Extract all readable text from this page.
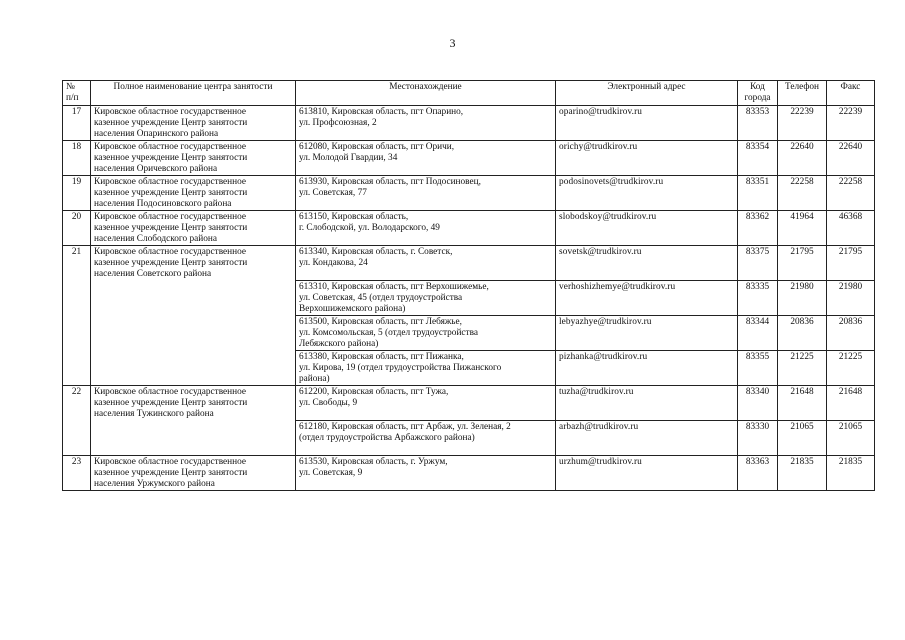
3
№
п/п	Полное наименование центра занятости	Местонахождение	Электронный адрес	Код
города	Телефон	Факс
17	Кировское областное государственное
казенное учреждение Центр занятости
населения Опаринского района	613810, Кировская область, пгт Опарино,
ул. Профсоюзная, 2	oparino@trudkirov.ru	83353	22239	22239
18	Кировское областное государственное
казенное учреждение Центр занятости
населения Оричевского района	612080, Кировская область, пгт Оричи,
ул. Молодой Гвардии, 34	orichy@trudkirov.ru	83354	22640	22640
19	Кировское областное государственное
казенное учреждение Центр занятости
населения Подосиновского района	613930, Кировская область, пгт Подосиновец,
ул. Советская, 77	podosinovets@trudkirov.ru	83351	22258	22258
20	Кировское областное государственное
казенное учреждение Центр занятости
населения Слободского района	613150, Кировская область,
г. Слободской, ул. Володарского, 49	slobodskoy@trudkirov.ru	83362	41964	46368
21	Кировское областное государственное
казенное учреждение Центр занятости
населения Советского района	613340, Кировская область, г. Советск,
ул. Кондакова, 24	sovetsk@trudkirov.ru	83375	21795	21795

		613310, Кировская область, пгт Верхошижемье,
ул. Советская, 45 (отдел трудоустройства
Верхошижемского района)	verhoshizhemye@trudkirov.ru	83335	21980	21980

		613500, Кировская область, пгт Лебяжье,
ул. Комсомольская, 5 (отдел трудоустройства
Лебяжского района)	lebyazhye@trudkirov.ru	83344	20836	20836

		613380, Кировская область, пгт Пижанка,
ул. Кирова, 19 (отдел трудоустройства Пижанского
района)	pizhanka@trudkirov.ru	83355	21225	21225
22	Кировское областное государственное
казенное учреждение Центр занятости
населения Тужинского района	612200, Кировская область, пгт Тужа,
ул. Свободы, 9	tuzha@trudkirov.ru	83340	21648	21648

		612180, Кировская область, пгт Арбаж, ул. Зеленая, 2
(отдел трудоустройства Арбажского района)	arbazh@trudkirov.ru	83330	21065	21065
23	Кировское областное государственное
казенное учреждение Центр занятости
населения Уржумского района	613530, Кировская область, г. Уржум,
ул. Советская, 9	urzhum@trudkirov.ru	83363	21835	21835
